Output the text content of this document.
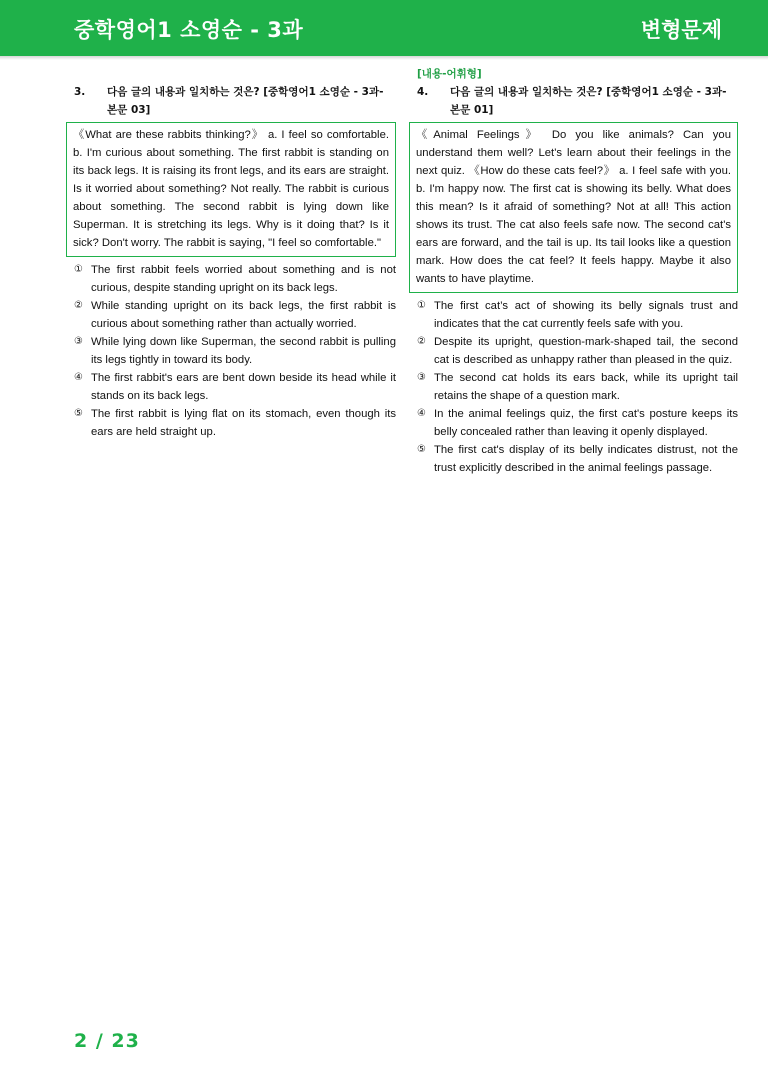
중학영어1 소영순 - 3과	변형문제
3. 다음 글의 내용과 일치하는 것은? [중학영어1 소영순 - 3과-본문 03]
《What are these rabbits thinking?》 a. I feel so comfortable. b. I'm curious about something. The first rabbit is standing on its back legs. It is raising its front legs, and its ears are straight. Is it worried about something? Not really. The rabbit is curious about something. The second rabbit is lying down like Superman. It is stretching its legs. Why is it doing that? Is it sick? Don't worry. The rabbit is saying, "I feel so comfortable."
① The first rabbit feels worried about something and is not curious, despite standing upright on its back legs.
② While standing upright on its back legs, the first rabbit is curious about something rather than actually worried.
③ While lying down like Superman, the second rabbit is pulling its legs tightly in toward its body.
④ The first rabbit's ears are bent down beside its head while it stands on its back legs.
⑤ The first rabbit is lying flat on its stomach, even though its ears are held straight up.
[내용-어휘형]
4. 다음 글의 내용과 일치하는 것은? [중학영어1 소영순 - 3과-본문 01]
《Animal Feelings》 Do you like animals? Can you understand them well? Let's learn about their feelings in the next quiz. 《How do these cats feel?》 a. I feel safe with you. b. I'm happy now. The first cat is showing its belly. What does this mean? Is it afraid of something? Not at all! This action shows its trust. The cat also feels safe now. The second cat's ears are forward, and the tail is up. Its tail looks like a question mark. How does the cat feel? It feels happy. Maybe it also wants to have playtime.
① The first cat’s act of showing its belly signals trust and indicates that the cat currently feels safe with you.
② Despite its upright, question-mark-shaped tail, the second cat is described as unhappy rather than pleased in the quiz.
③ The second cat holds its ears back, while its upright tail retains the shape of a question mark.
④ In the animal feelings quiz, the first cat's posture keeps its belly concealed rather than leaving it openly displayed.
⑤ The first cat's display of its belly indicates distrust, not the trust explicitly described in the animal feelings passage.
2 / 23
